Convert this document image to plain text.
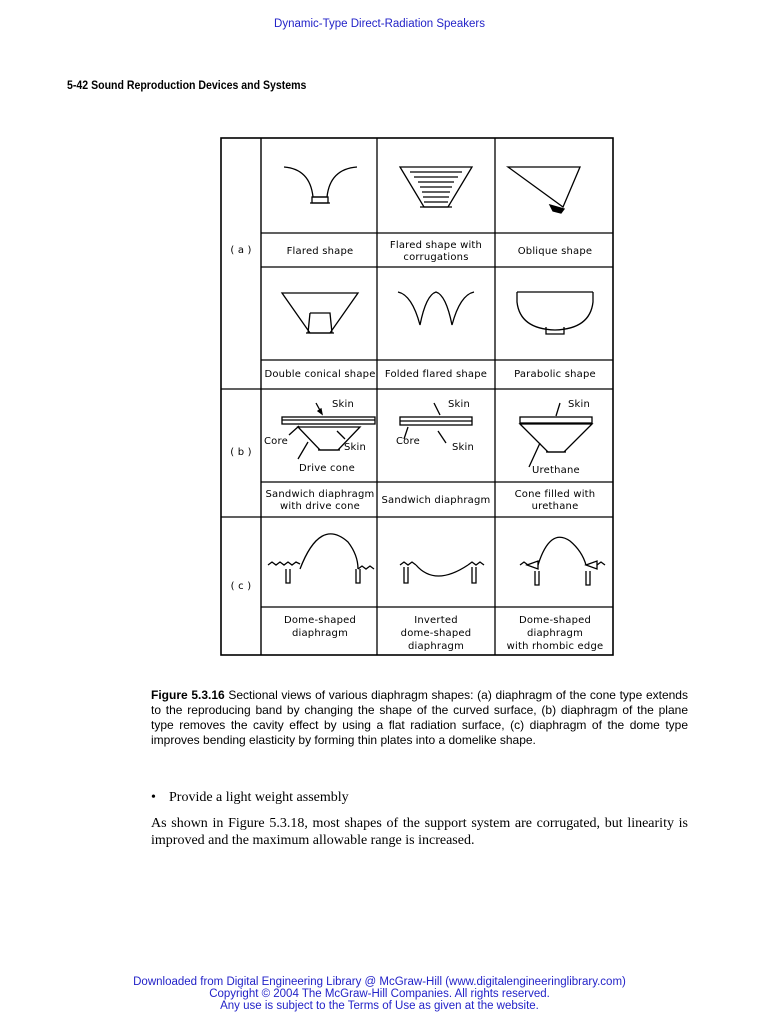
Dynamic-Type Direct-Radiation Speakers
5-42 Sound Reproduction Devices and Systems
( a )
( b )
( c )
Flared shape
Flared shape with
corrugations
Oblique shape
Double conical shape Folded flared shape	Parabolic shape
Skin
Core
Skin
Drive cone
Skin
Core
Skin
Skin
Urethane
Sandwich diaphragm
with drive cone
Sandwich diaphragm
Cone filled with
urethane
Dome-shaped
diaphragm
Inverted
dome-shaped
diaphragm
Dome-shaped
diaphragm
with rhombic edge
Figure 5.3.16 Sectional views of various diaphragm shapes: (a) diaphragm of the cone type extends to the reproducing band by changing the shape of the curved surface, (b) diaphragm of the plane type removes the cavity effect by using a flat radiation surface, (c) diaphragm of the dome type improves bending elasticity by forming thin plates into a domelike shape.
• Provide a light weight assembly
As shown in Figure 5.3.18, most shapes of the support system are corrugated, but linearity is improved and the maximum allowable range is increased.
Downloaded from Digital Engineering Library @ McGraw-Hill (www.digitalengineeringlibrary.com)
Copyright © 2004 The McGraw-Hill Companies. All rights reserved.
Any use is subject to the Terms of Use as given at the website.
